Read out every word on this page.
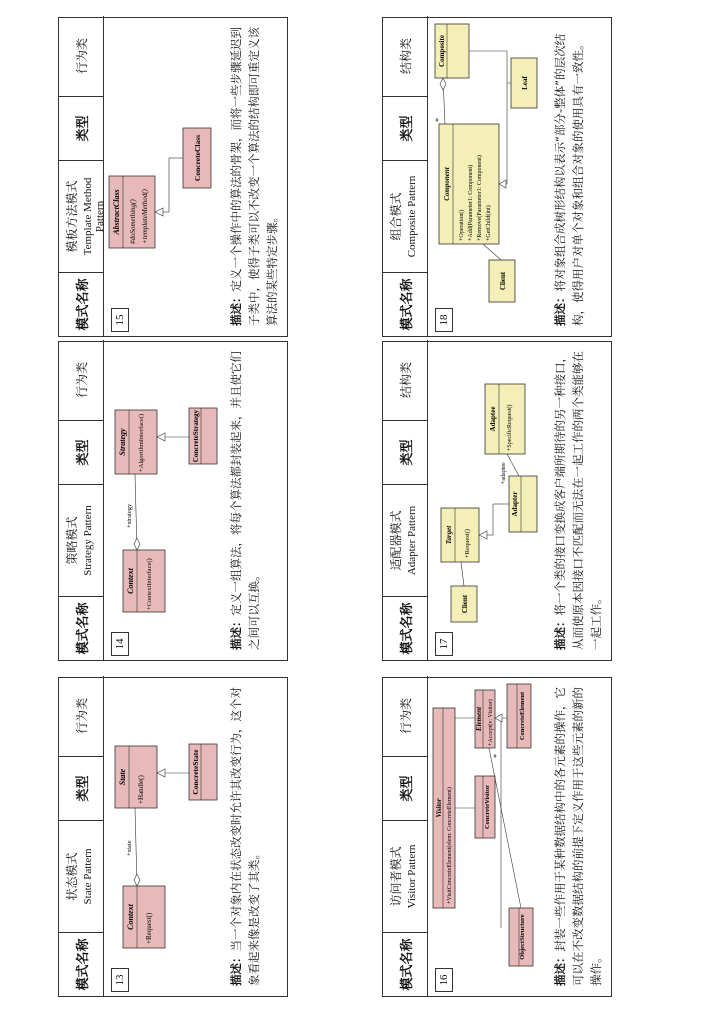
模式名称
状态模式 State Pattern
类型
行为类
13
Context +Request()
+state
State +Handle()	ConcreteState
描述：当一个对象内在状态改变时允许其改变行为，这个对象看起来像是改变了其类。
模式名称
策略模式 Strategy Pattern
类型
行为类
14
Context +ContextInterface()
+strategy
Strategy +AlgorithmInterface()	ConcreteStrategy
描述：定义一组算法，将每个算法都封装起来，并且使它们之间可以互换。
模式名称
模板方法模式 Template Method Pattern
类型
行为类
15
AbstractClass #doSomething() +templateMethod()
ConcreteClass
描述：定义一个操作中的算法的骨架，而将一些步骤延迟到子类中，使得子类可以不改变一个算法的结构即可重定义该算法的某些特定步骤。
模式名称
访问者模式 Visitor Pattern
类型
行为类
16
Visitor +VisitConcreteElement(elem: ConcreteElement)	ConcreteVisitor
Element +Accept(v: Visitor)
ObjectStructure
ConcreteElement
*
描述：封装一些作用于某种数据结构中的各元素的操作，它可以在不改变数据结构的前提下定义作用于这些元素的新的操作。
模式名称
适配器模式 Adapter Pattern
类型
结构类
17
Client
Target +Request()
Adapter
+adaptee
Adaptee +SpecificRequest()
描述：将一个类的接口变换成客户端所期待的另一种接口，从而使原本因接口不匹配而无法在一起工作的两个类能够在一起工作。
模式名称
组合模式 Composite Pattern
类型
结构类
18
Client
Component
+Operation() +Add(Parameter1: Component) +Remove(Parameter1: Component) +GetChild(int)
Leaf
Composite
*
描述：将对象组合成树形结构以表示“部分-整体”的层次结构，使得用户对单个对象和组合对象的使用具有一致性。
